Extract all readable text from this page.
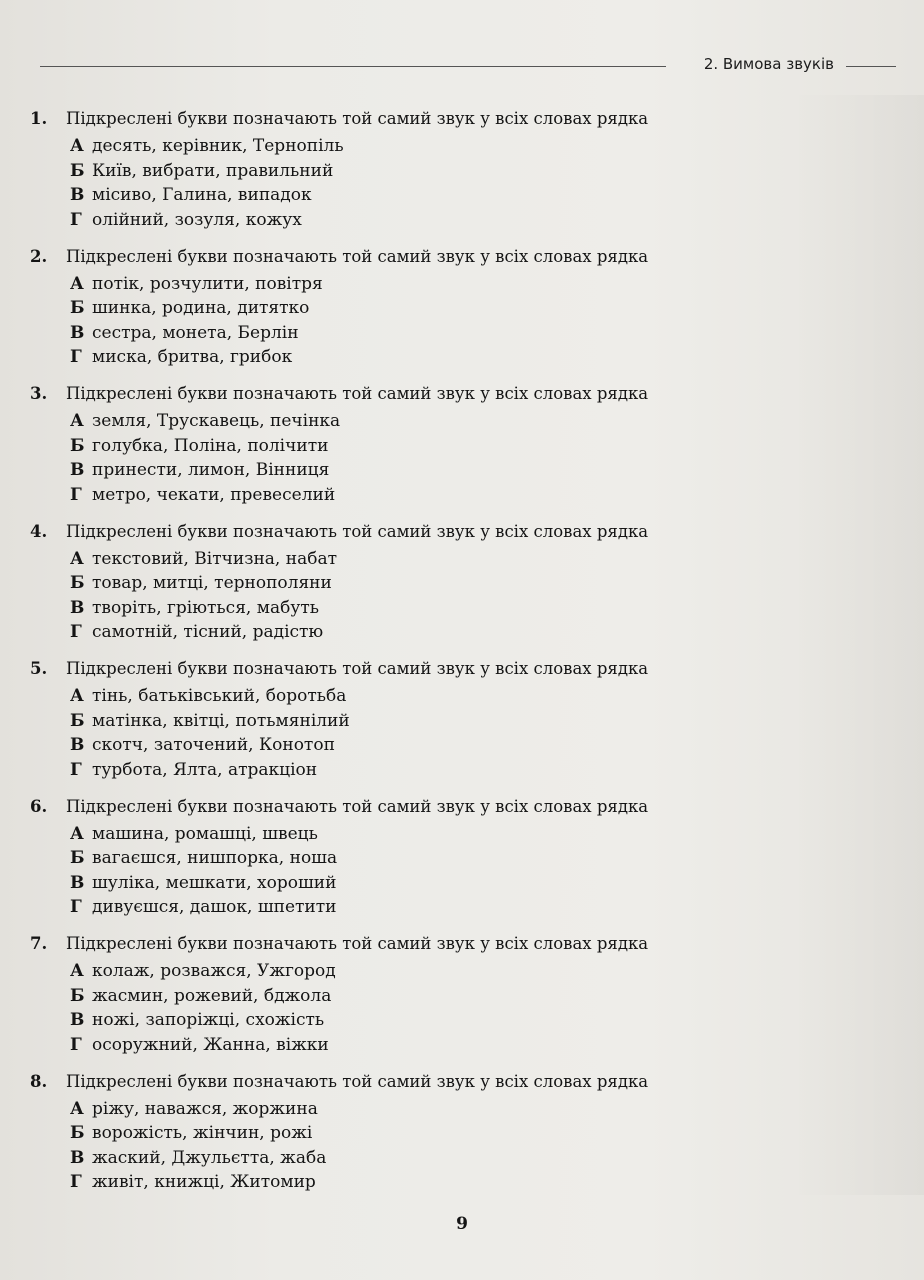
2. Вимова звуків
1. Підкреслені букви позначають той самий звук у всіх словах рядка
А десять, керівник, Тернопіль
Б Київ, вибрати, правильний
В місиво, Галина, випадок
Г олійний, зозуля, кожух
2. Підкреслені букви позначають той самий звук у всіх словах рядка
А потік, розчулити, повітря
Б шинка, родина, дитятко
В сестра, монета, Берлін
Г миска, бритва, грибок
3. Підкреслені букви позначають той самий звук у всіх словах рядка
А земля, Трускавець, печінка
Б голубка, Поліна, полічити
В принести, лимон, Вінниця
Г метро, чекати, превеселий
4. Підкреслені букви позначають той самий звук у всіх словах рядка
А текстовий, Вітчизна, набат
Б товар, митці, тернополяни
В творіть, гріються, мабуть
Г самотній, тісний, радістю
5. Підкреслені букви позначають той самий звук у всіх словах рядка
А тінь, батьківський, боротьба
Б матінка, квітці, потьмянілий
В скотч, заточений, Конотоп
Г турбота, Ялта, атракціон
6. Підкреслені букви позначають той самий звук у всіх словах рядка
А машина, ромашці, швець
Б вагаєшся, нишпорка, ноша
В шуліка, мешкати, хороший
Г дивуєшся, дашок, шпетити
7. Підкреслені букви позначають той самий звук у всіх словах рядка
А колаж, розважся, Ужгород
Б жасмин, рожевий, бджола
В ножі, запоріжці, схожість
Г осоружний, Жанна, віжки
8. Підкреслені букви позначають той самий звук у всіх словах рядка
А ріжу, наважся, жоржина
Б ворожість, жінчин, рожі
В жаский, Джульєтта, жаба
Г живіт, книжці, Житомир
9
